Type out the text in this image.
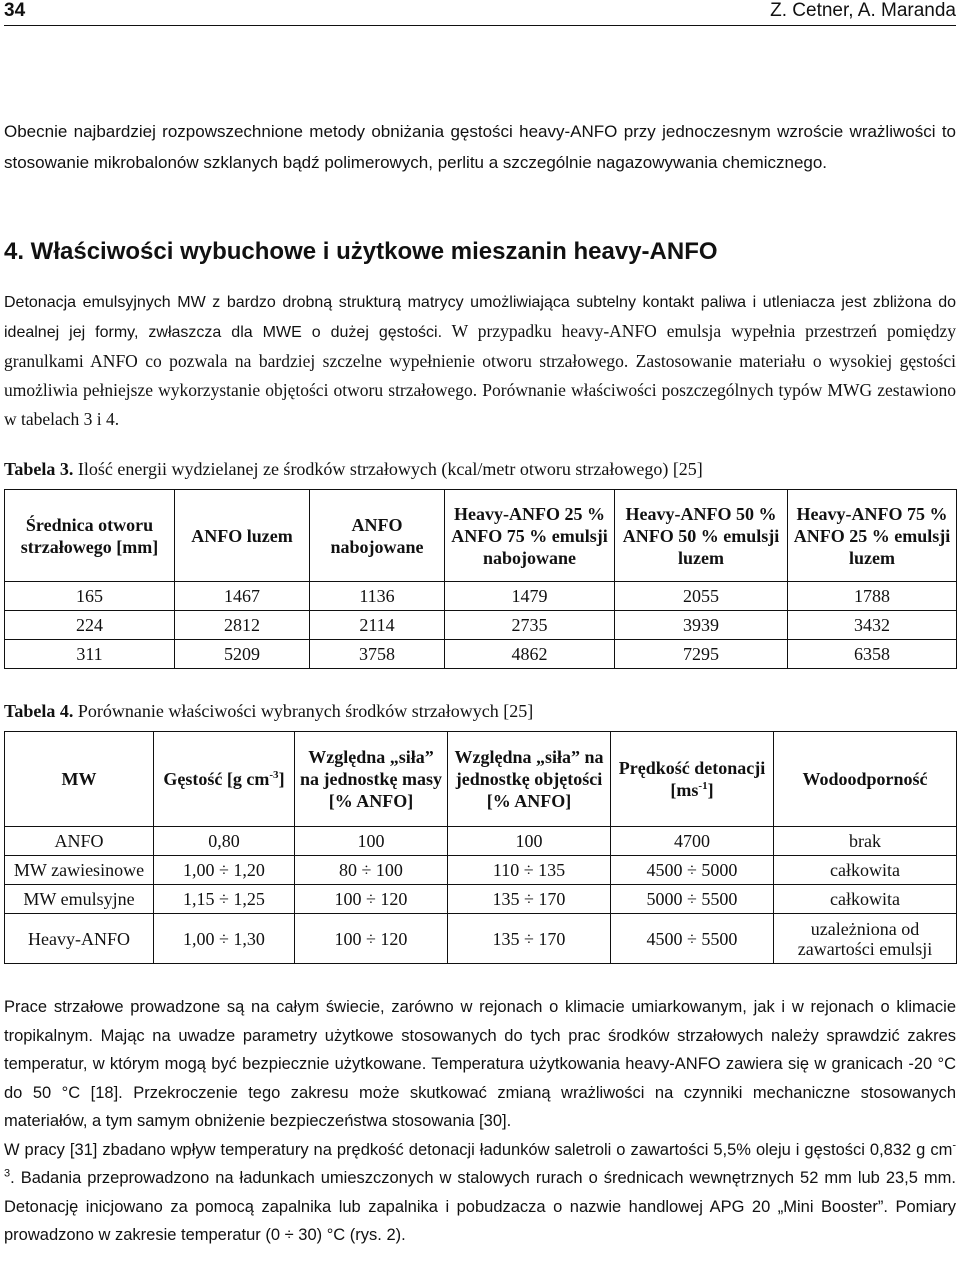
34	Z. Cetner, A. Maranda

Obecnie najbardziej rozpowszechnione metody obniżania gęstości heavy-ANFO przy jednoczesnym wzroście wrażliwości to stosowanie mikrobalonów szklanych bądź polimerowych, perlitu a szczególnie nagazowywania chemicznego.

4. Właściwości wybuchowe i użytkowe mieszanin heavy-ANFO

Detonacja emulsyjnych MW z bardzo drobną strukturą matrycy umożliwiająca subtelny kontakt paliwa i utleniacza jest zbliżona do idealnej jej formy, zwłaszcza dla MWE o dużej gęstości. W przypadku heavy-ANFO emulsja wypełnia przestrzeń pomiędzy granulkami ANFO co pozwala na bardziej szczelne wypełnienie otworu strzałowego. Zastosowanie materiału o wysokiej gęstości umożliwia pełniejsze wykorzystanie objętości otworu strzałowego. Porównanie właściwości poszczególnych typów MWG zestawiono w tabelach 3 i 4.

Tabela 3. Ilość energii wydzielanej ze środków strzałowych (kcal/metr otworu strzałowego) [25]

Średnica otworu strzałowego [mm]	ANFO luzem	ANFO nabojowane	Heavy-ANFO 25 % ANFO 75 % emulsji nabojowane	Heavy-ANFO 50 % ANFO 50 % emulsji luzem	Heavy-ANFO 75 % ANFO 25 % emulsji luzem
165	1467	1136	1479	2055	1788
224	2812	2114	2735	3939	3432
311	5209	3758	4862	7295	6358

Tabela 4. Porównanie właściwości wybranych środków strzałowych [25]

MW	Gęstość [g $cm^{-3}$]	Względna „siła” na jednostkę masy [% ANFO]	Względna „siła” na jednostkę objętości [% ANFO]	Prędkość detonacji $[ms^{-1}]$	Wodoodporność
ANFO	0,80	100	100	4700	brak
MW zawiesinowe	1,00 ÷ 1,20	80 ÷ 100	110 ÷ 135	4500 ÷ 5000	całkowita
MW emulsyjne	1,15 ÷ 1,25	100 ÷ 120	135 ÷ 170	5000 ÷ 5500	całkowita
Heavy-ANFO	1,00 ÷ 1,30	100 ÷ 120	135 ÷ 170	4500 ÷ 5500	uzależniona od zawartości emulsji
Prace strzałowe prowadzone są na całym świecie, zarówno w rejonach o klimacie umiarkowanym, jak i w rejonach o klimacie tropikalnym. Mając na uwadze parametry użytkowe stosowanych do tych prac środków strzałowych należy sprawdzić zakres temperatur, w którym mogą być bezpiecznie użytkowane. Temperatura użytkowania heavy-ANFO zawiera się w granicach -20 °C do 50 °C [18]. Przekroczenie tego zakresu może skutkować zmianą wrażliwości na czynniki mechaniczne stosowanych materiałów, a tym samym obniżenie bezpieczeństwa stosowania [30].
W pracy [31] zbadano wpływ temperatury na prędkość detonacji ładunków saletroli o zawartości 5,5% oleju i gęstości 0,832 g $cm^{-3}$. Badania przeprowadzono na ładunkach umieszczonych w stalowych rurach o średnicach wewnętrznych 52 mm lub 23,5 mm. Detonację inicjowano za pomocą zapalnika lub zapalnika i pobudzacza o nazwie handlowej APG 20 „Mini Booster”. Pomiary prowadzono w zakresie temperatur (0 ÷ 30) °C (rys. 2).
